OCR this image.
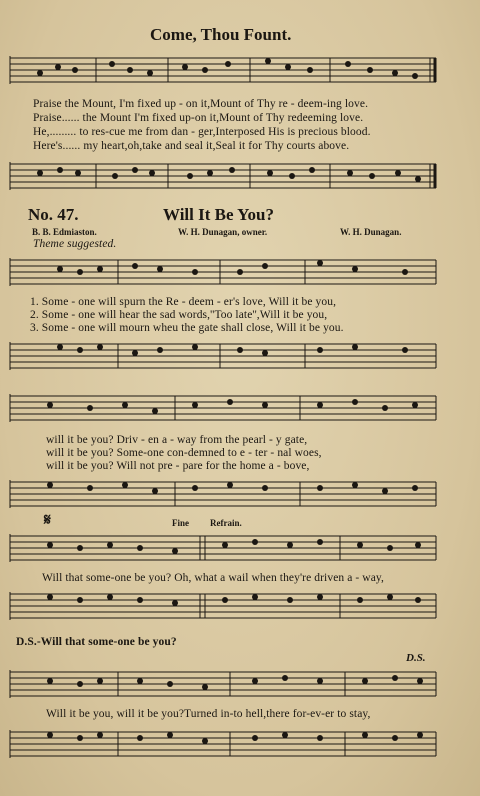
Come, Thou Fount.
Praise the Mount, I'm fixed up - on it,Mount of Thy re - deem-ing love.
Praise...... the Mount I'm fixed up-on it,Mount of Thy redeeming love.
He,......... to res-cue me from dan - ger,Interposed His is precious blood.
Here's...... my heart,oh,take and seal it,Seal it for Thy courts above.
No. 47.	Will It Be You?
B. B. Edmiaston.	W. H. Dunagan, owner.	W. H. Dunagan.
Theme suggested.
1. Some - one will spurn the Re - deem - er's love, Will it be you,
2. Some - one will hear the sad words,''Too late'',Will it be you,
3. Some - one will mourn wheu the gate shall close, Will it be you.
will it be you? Driv - en a - way from the pearl - y gate,
will it be you? Some-one con-demned to e - ter - nal woes,
will it be you? Will not pre - pare for the home a - bove,
𝄋	Fine Refrain.
Will that some-one be you? Oh, what a wail when they're driven a - way,
D.S.-Will that some-one be you?
D.S.
Will it be you, will it be you?Turned in-to hell,there for-ev-er to stay,
